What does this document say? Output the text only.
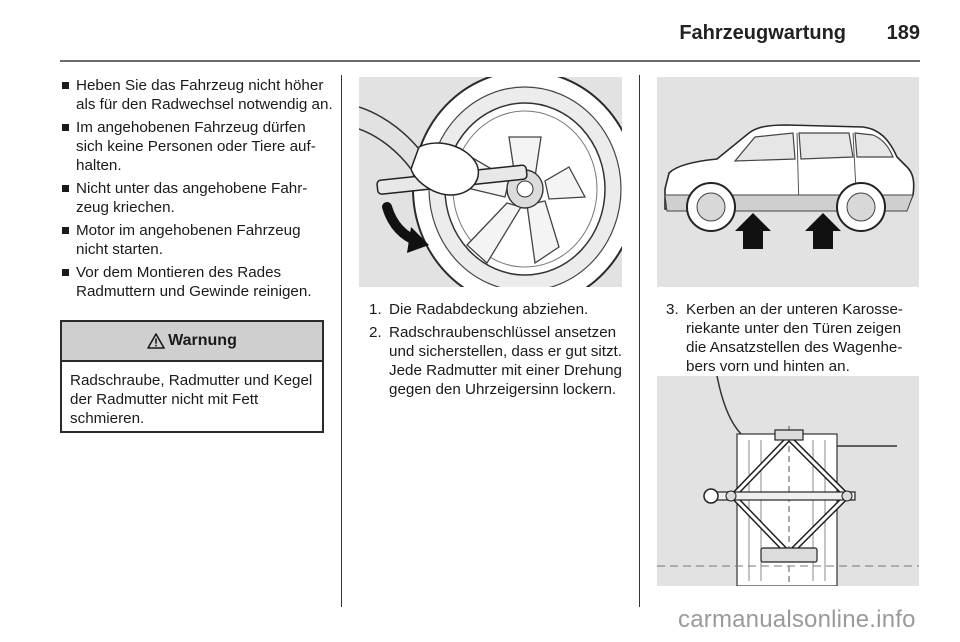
Fahrzeugwartung 189
Heben Sie das Fahrzeug nicht höher als für den Radwechsel notwendig an.
Im angehobenen Fahrzeug dürfen sich keine Personen oder Tiere aufhalten.
Nicht unter das angehobene Fahrzeug kriechen.
Motor im angehobenen Fahrzeug nicht starten.
Vor dem Montieren des Rades Radmuttern und Gewinde reinigen.
Warnung
Radschraube, Radmutter und Kegel der Radmutter nicht mit Fett schmieren.
1. Die Radabdeckung abziehen.
2. Radschraubenschlüssel ansetzen und sicherstellen, dass er gut sitzt. Jede Radmutter mit einer Drehung gegen den Uhrzeigersinn lockern.
3. Kerben an der unteren Karosseriekante unter den Türen zeigen die Ansatzstellen des Wagenhebers vorn und hinten an.
carmanualsonline.info
